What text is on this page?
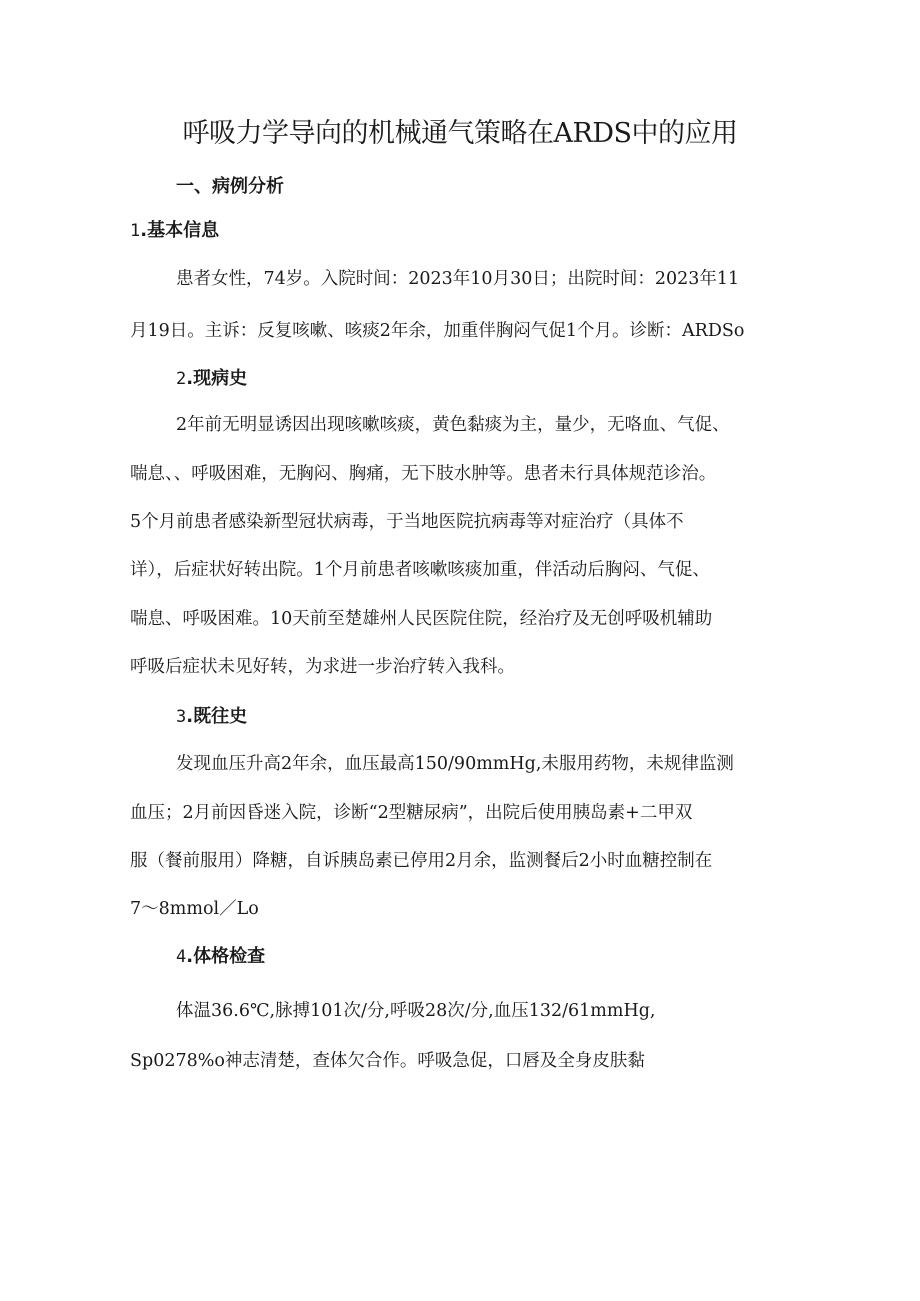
呼吸力学导向的机械通气策略在ARDS中的应用
一、病例分析
1.基本信息
患者女性，74岁。入院时间：2023年10月30日；出院时间：2023年11
月19日。主诉：反复咳嗽、咳痰2年余，加重伴胸闷气促1个月。诊断：ARDSo
2.现病史
2年前无明显诱因出现咳嗽咳痰，黄色黏痰为主，量少，无咯血、气促、
喘息、、呼吸困难，无胸闷、胸痛，无下肢水肿等。患者未行具体规范诊治。
5个月前患者感染新型冠状病毒，于当地医院抗病毒等对症治疗（具体不
详），后症状好转出院。1个月前患者咳嗽咳痰加重，伴活动后胸闷、气促、
喘息、呼吸困难。10天前至楚雄州人民医院住院，经治疗及无创呼吸机辅助
呼吸后症状未见好转，为求进一步治疗转入我科。
3.既往史
发现血压升高2年余，血压最高150/90mmHg,未服用药物，未规律监测
血压；2月前因昏迷入院，诊断“2型糖尿病”，出院后使用胰岛素+二甲双
服（餐前服用）降糖，自诉胰岛素已停用2月余，监测餐后2小时血糖控制在
7～8mmol／Lo
4.体格检查
体温36.6℃,脉搏101次/分,呼吸28次/分,血压132/61mmHg,
Sp0278%o神志清楚，查体欠合作。呼吸急促，口唇及全身皮肤黏
